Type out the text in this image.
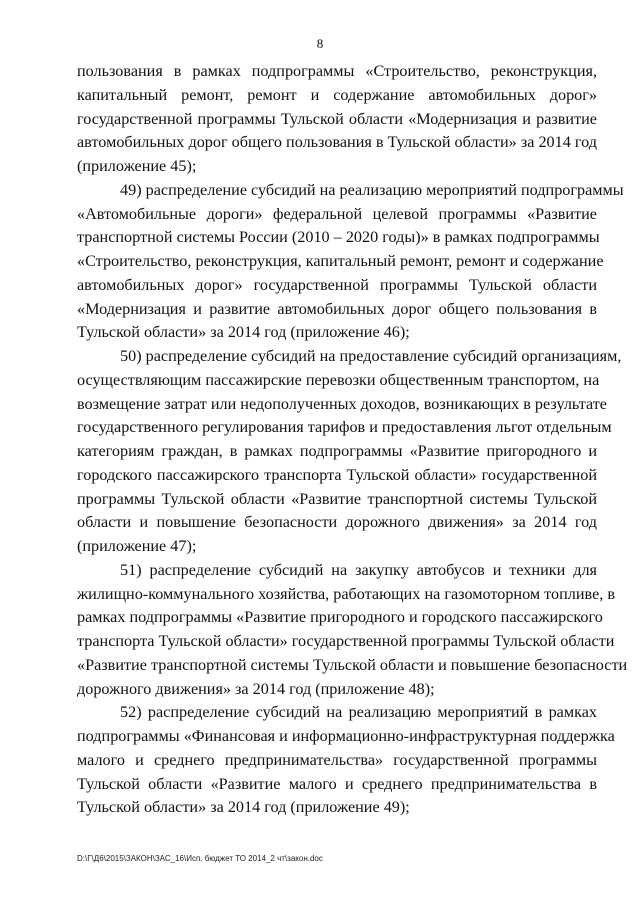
8
пользования в рамках подпрограммы «Строительство, реконструкция,
капитальный ремонт, ремонт и содержание автомобильных дорог»
государственной программы Тульской области «Модернизация и развитие
автомобильных дорог общего пользования в Тульской области» за 2014 год
(приложение 45);
49) распределение субсидий на реализацию мероприятий подпрограммы
«Автомобильные дороги» федеральной целевой программы «Развитие
транспортной системы России (2010 – 2020 годы)» в рамках подпрограммы
«Строительство, реконструкция, капитальный ремонт, ремонт и содержание
автомобильных дорог» государственной программы Тульской области
«Модернизация и развитие автомобильных дорог общего пользования в
Тульской области» за 2014 год (приложение 46);
50) распределение субсидий на предоставление субсидий организациям,
осуществляющим пассажирские перевозки общественным транспортом, на
возмещение затрат или недополученных доходов, возникающих в результате
государственного регулирования тарифов и предоставления льгот отдельным
категориям граждан, в рамках подпрограммы «Развитие пригородного и
городского пассажирского транспорта Тульской области» государственной
программы Тульской области «Развитие транспортной системы Тульской
области и повышение безопасности дорожного движения» за 2014 год
(приложение 47);
51) распределение субсидий на закупку автобусов и техники для
жилищно-коммунального хозяйства, работающих на газомоторном топливе, в
рамках подпрограммы «Развитие пригородного и городского пассажирского
транспорта Тульской области» государственной программы Тульской области
«Развитие транспортной системы Тульской области и повышение безопасности
дорожного движения» за 2014 год (приложение 48);
52) распределение субсидий на реализацию мероприятий в рамках
подпрограммы «Финансовая и информационно-инфраструктурная поддержка
малого и среднего предпринимательства» государственной программы
Тульской области «Развитие малого и среднего предпринимательства в
Тульской области» за 2014 год (приложение 49);
D:\Г\Д6\2015\ЗАКОН\ЗАС_16\Исп. бюджет ТО 2014_2 чт\закон.doc
